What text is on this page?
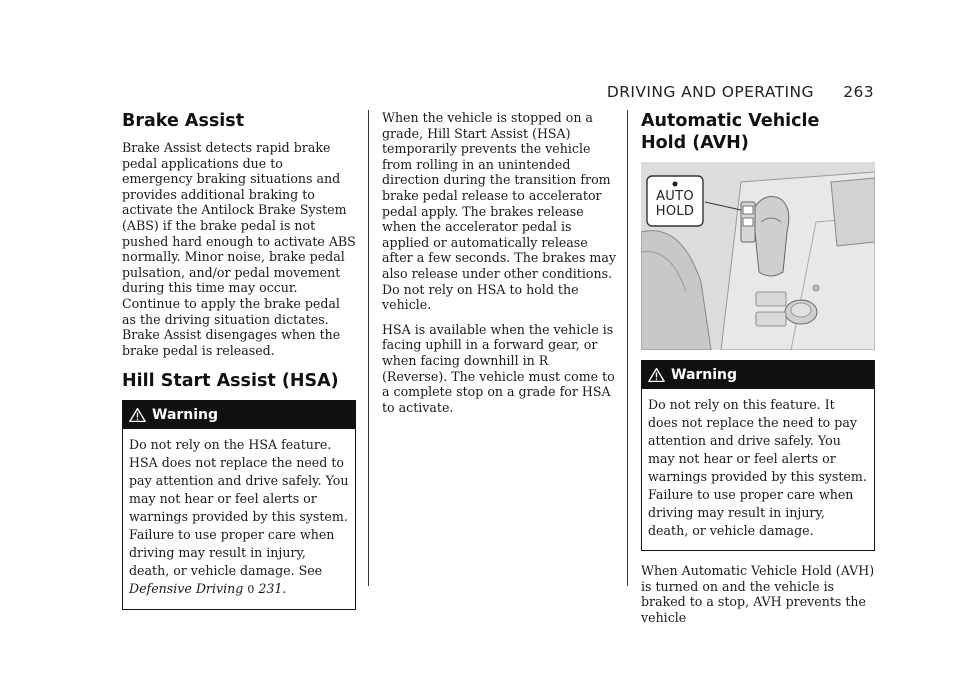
DRIVING AND OPERATING 263
Brake Assist

Brake Assist detects rapid brake pedal applications due to emergency braking situations and provides additional braking to activate the Antilock Brake System (ABS) if the brake pedal is not pushed hard enough to activate ABS normally. Minor noise, brake pedal pulsation, and/or pedal movement during this time may occur. Continue to apply the brake pedal as the driving situation dictates. Brake Assist disengages when the brake pedal is released.

Hill Start Assist (HSA)
Warning
Do not rely on the HSA feature. HSA does not replace the need to pay attention and drive safely. You may not hear or feel alerts or warnings provided by this system. Failure to use proper care when driving may result in injury, death, or vehicle damage. See Defensive Driving 0 231.

When the vehicle is stopped on a grade, Hill Start Assist (HSA) temporarily prevents the vehicle from rolling in an unintended direction during the transition from brake pedal release to accelerator pedal apply. The brakes release when the accelerator pedal is applied or automatically release after a few seconds. The brakes may also release under other conditions. Do not rely on HSA to hold the vehicle.

HSA is available when the vehicle is facing uphill in a forward gear, or when facing downhill in R (Reverse). The vehicle must come to a complete stop on a grade for HSA to activate.

Automatic Vehicle
Hold (AVH)
AUTO
HOLD
Warning
Do not rely on this feature. It does not replace the need to pay attention and drive safely. You may not hear or feel alerts or warnings provided by this system. Failure to use proper care when driving may result in injury, death, or vehicle damage.

When Automatic Vehicle Hold (AVH) is turned on and the vehicle is braked to a stop, AVH prevents the vehicle
